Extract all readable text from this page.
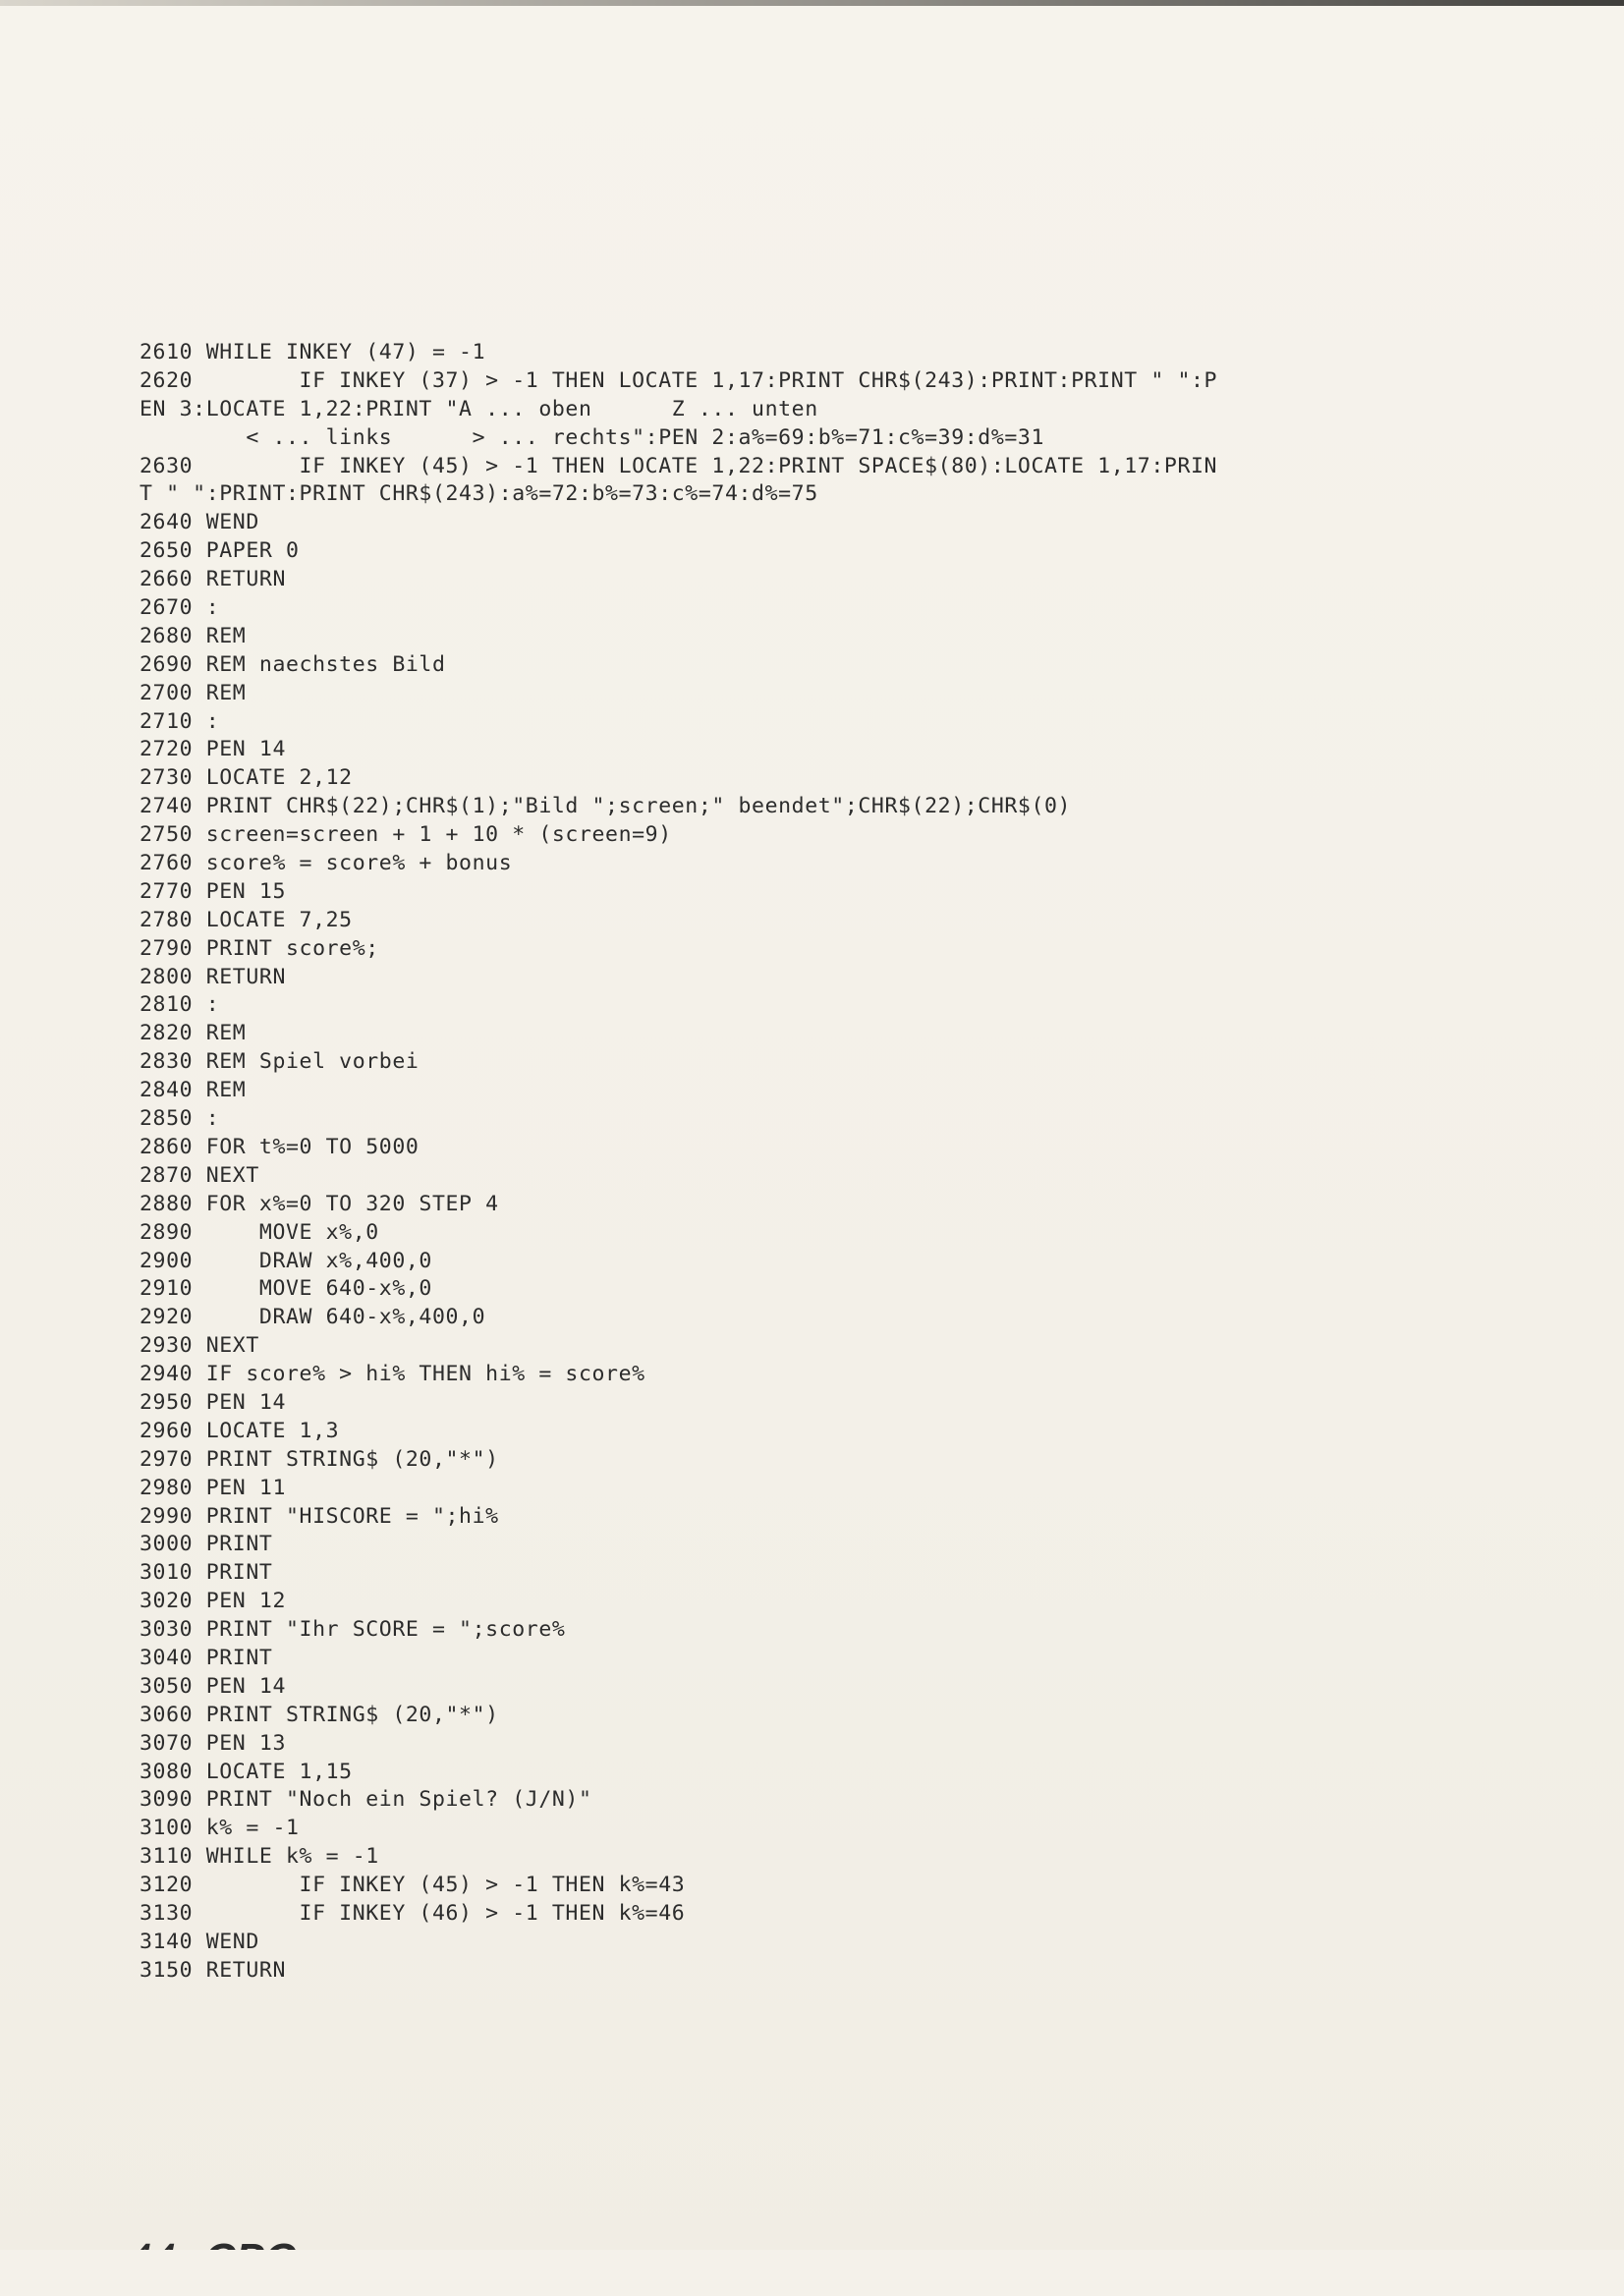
2610 WHILE INKEY (47) = -1
2620        IF INKEY (37) > -1 THEN LOCATE 1,17:PRINT CHR$(243):PRINT:PRINT " ":P
EN 3:LOCATE 1,22:PRINT "A ... oben      Z ... unten
< ... links      > ... rechts":PEN 2:a%=69:b%=71:c%=39:d%=31
2630        IF INKEY (45) > -1 THEN LOCATE 1,22:PRINT SPACE$(80):LOCATE 1,17:PRIN
T " ":PRINT:PRINT CHR$(243):a%=72:b%=73:c%=74:d%=75
2640 WEND
2650 PAPER 0
2660 RETURN
2670 :
2680 REM
2690 REM naechstes Bild
2700 REM
2710 :
2720 PEN 14
2730 LOCATE 2,12
2740 PRINT CHR$(22);CHR$(1);"Bild ";screen;" beendet";CHR$(22);CHR$(0)
2750 screen=screen + 1 + 10 * (screen=9)
2760 score% = score% + bonus
2770 PEN 15
2780 LOCATE 7,25
2790 PRINT score%;
2800 RETURN
2810 :
2820 REM
2830 REM Spiel vorbei
2840 REM
2850 :
2860 FOR t%=0 TO 5000
2870 NEXT
2880 FOR x%=0 TO 320 STEP 4
2890     MOVE x%,0
2900     DRAW x%,400,0
2910     MOVE 640-x%,0
2920     DRAW 640-x%,400,0
2930 NEXT
2940 IF score% > hi% THEN hi% = score%
2950 PEN 14
2960 LOCATE 1,3
2970 PRINT STRING$ (20,"*")
2980 PEN 11
2990 PRINT "HISCORE = ";hi%
3000 PRINT
3010 PRINT
3020 PEN 12
3030 PRINT "Ihr SCORE = ";score%
3040 PRINT
3050 PEN 14
3060 PRINT STRING$ (20,"*")
3070 PEN 13
3080 LOCATE 1,15
3090 PRINT "Noch ein Spiel? (J/N)"
3100 k% = -1
3110 WHILE k% = -1
3120        IF INKEY (45) > -1 THEN k%=43
3130        IF INKEY (46) > -1 THEN k%=46
3140 WEND
3150 RETURN
